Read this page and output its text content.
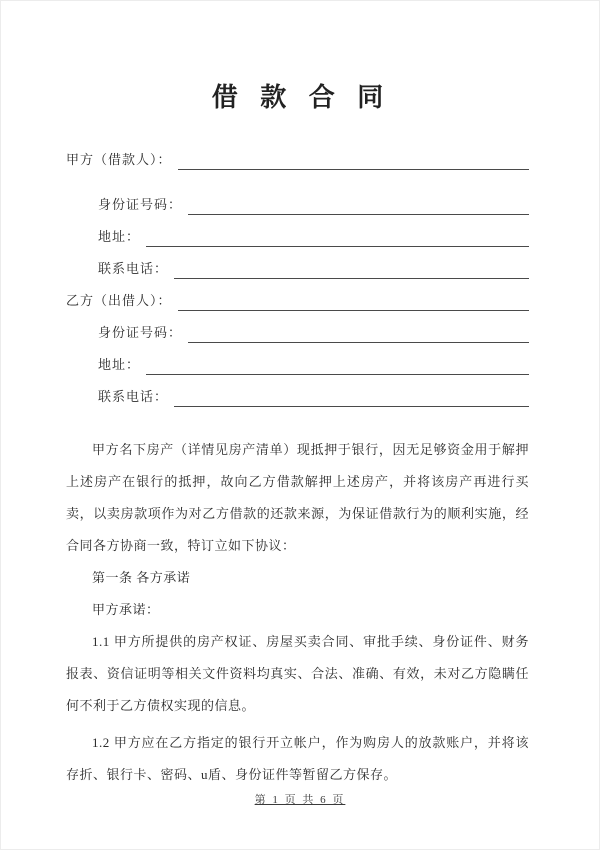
借 款 合 同
甲方（借款人）：
身份证号码：
地址：
联系电话：
乙方（出借人）：
身份证号码：
地址：
联系电话：

甲方名下房产（详情见房产清单）现抵押于银行，因无足够资金用于解押上述房产在银行的抵押，故向乙方借款解押上述房产，并将该房产再进行买卖，以卖房款项作为对乙方借款的还款来源，为保证借款行为的顺利实施，经合同各方协商一致，特订立如下协议：

第一条 各方承诺

甲方承诺：

1.1 甲方所提供的房产权证、房屋买卖合同、审批手续、身份证件、财务报表、资信证明等相关文件资料均真实、合法、准确、有效，未对乙方隐瞒任何不利于乙方债权实现的信息。

1.2 甲方应在乙方指定的银行开立帐户，作为购房人的放款账户，并将该存折、银行卡、密码、u盾、身份证件等暂留乙方保存。

第 1 页 共 6 页
